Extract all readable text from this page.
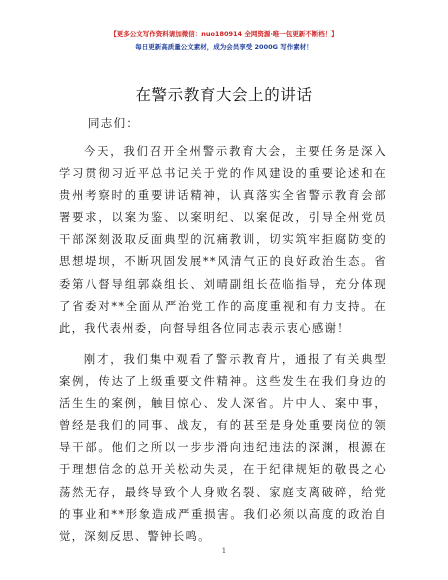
【更多公文写作资料请加微信：nuo180914 全网资源·唯一包更新不断档！】
每日更新高质量公文素材，成为会员享受 2000G 写作素材！
在警示教育大会上的讲话
同志们：

今天，我们召开全州警示教育大会，主要任务是深入学习贯彻习近平总书记关于党的作风建设的重要论述和在贵州考察时的重要讲话精神，认真落实全省警示教育会部署要求，以案为鉴、以案明纪、以案促改，引导全州党员干部深刻汲取反面典型的沉痛教训，切实筑牢拒腐防变的思想堤坝，不断巩固发展**风清气正的良好政治生态。省委第八督导组郭焱组长、刘晴副组长莅临指导，充分体现了省委对**全面从严治党工作的高度重视和有力支持。在此，我代表州委，向督导组各位同志表示衷心感谢！

刚才，我们集中观看了警示教育片，通报了有关典型案例，传达了上级重要文件精神。这些发生在我们身边的活生生的案例，触目惊心、发人深省。片中人、案中事，曾经是我们的同事、战友，有的甚至是身处重要岗位的领导干部。他们之所以一步步滑向违纪违法的深渊，根源在于理想信念的总开关松动失灵，在于纪律规矩的敬畏之心荡然无存，最终导致个人身败名裂、家庭支离破碎，给党的事业和**形象造成严重损害。我们必须以高度的政治自觉，深刻反思、警钟长鸣。

1
